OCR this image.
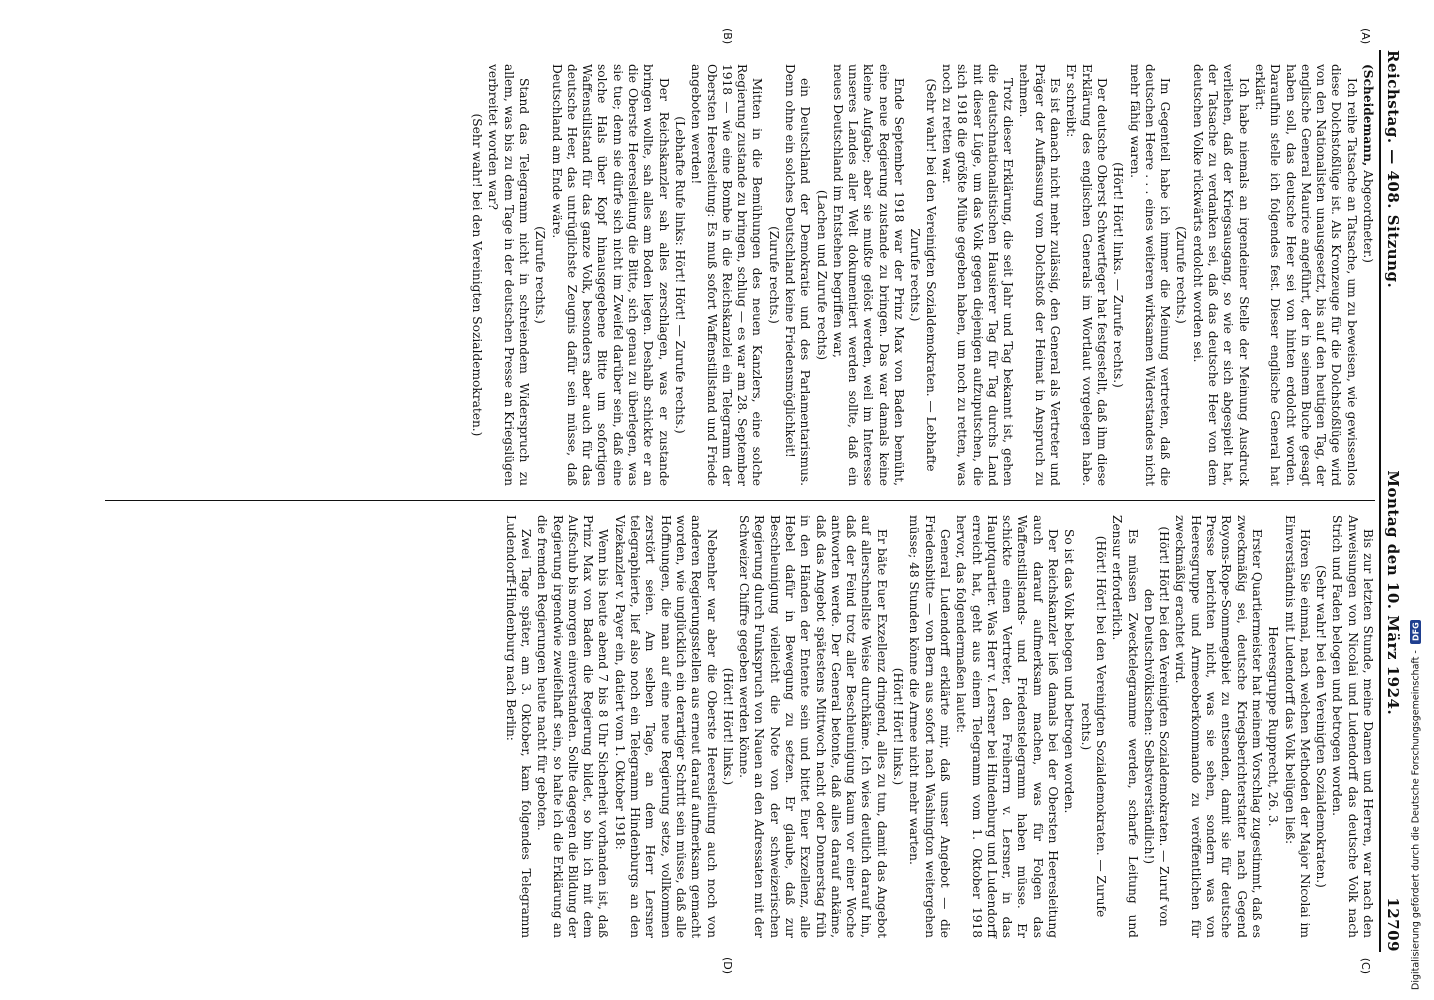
Reichstag. — 408. Sitzung.
Montag den 10. März 1924.
12709
(A)
(B)

(Scheidemann, Abgeordneter.)

Ich reihe Tatsache an Tatsache, um zu beweisen, wie gewissenlos diese Dolchstoßlüge ist. Als Kronzeuge für die Dolchstoßlüge wird von den Nationalisten unausgesetzt, bis auf den heutigen Tag, der englische General Maurice angeführt, der in seinem Buche gesagt haben soll, das deutsche Heer sei von hinten erdolcht worden. Daraufhin stelle ich folgendes fest. Dieser englische General hat erklärt:

Ich habe niemals an irgendeiner Stelle der Meinung Ausdruck verliehen, daß der Kriegsausgang, so wie er sich abgespielt hat, der Tatsache zu verdanken sei, daß das deutsche Heer von dem deutschen Volke rückwärts erdolcht worden sei.

(Zurufe rechts.)

Im Gegenteil habe ich immer die Meinung vertreten, daß die deutschen Heere . . . eines weiteren wirksamen Widerstandes nicht mehr fähig waren.

(Hört! Hört! links. — Zurufe rechts.)

Der deutsche Oberst Schwertfeger hat festgestellt, daß ihm diese Erklärung des englischen Generals im Wortlaut vorgelegen habe. Er schreibt:

Es ist danach nicht mehr zulässig, den General als Vertreter und Präger der Auffassung vom Dolchstoß der Heimat in Anspruch zu nehmen.

Trotz dieser Erklärung, die seit Jahr und Tag bekannt ist, gehen die deutschnationalistischen Hausierer Tag für Tag durchs Land mit dieser Lüge, um das Volk gegen diejenigen aufzuputschen, die sich 1918 die größte Mühe gegeben haben, um noch zu retten, was noch zu retten war.

(Sehr wahr! bei den Vereinigten Sozialdemokraten. — Lebhafte Zurufe rechts.)

Ende September 1918 war der Prinz Max von Baden bemüht, eine neue Regierung zustande zu bringen. Das war damals keine kleine Aufgabe; aber sie mußte gelöst werden, weil im Interesse unseres Landes aller Welt dokumentiert werden sollte, daß ein neues Deutschland im Entstehen begriffen war,

(Lachen und Zurufe rechts)

ein Deutschland der Demokratie und des Parlamentarismus. Denn ohne ein solches Deutschland keine Friedensmöglichkeit!

(Zurufe rechts.)

Mitten in die Bemühungen des neuen Kanzlers, eine solche Regierung zustande zu bringen, schlug — es war am 28. September 1918 — wie eine Bombe in die Reichskanzlei ein Telegramm der Obersten Heeresleitung: Es muß sofort Waffenstillstand und Friede angeboten werden!

(Lebhafte Rufe links: Hört! Hört! — Zurufe rechts.)

Der Reichskanzler sah alles zerschlagen, was er zustande bringen wollte, sah alles am Boden liegen. Deshalb schickte er an die Oberste Heeresleitung die Bitte, sich genau zu überlegen, was sie tue; denn sie dürfe sich nicht im Zweifel darüber sein, daß eine solche Hals über Kopf hinausgegebene Bitte um sofortigen Waffenstillstand für das ganze Volk, besonders aber auch für das deutsche Heer, das untrüglichste Zeugnis dafür sein müsse, daß Deutschland am Ende wäre.

(Zurufe rechts.)

Stand das Telegramm nicht in schreiendem Widerspruch zu allem, was bis zu dem Tage in der deutschen Presse an Kriegslügen verbreitet worden war?

(Sehr wahr! bei den Vereinigten Sozialdemokraten.)

(C)
(D)

Bis zur letzten Stunde, meine Damen und Herren, war nach den Anweisungen von Nicolai und Ludendorff das deutsche Volk nach Strich und Faden belogen und betrogen worden.

(Sehr wahr! bei den Vereinigten Sozialdemokraten.)

Hören Sie einmal, nach welchen Methoden der Major Nicolai im Einverständnis mit Ludendorff das Volk belügen ließ:

Heeresgruppe Rupprecht, 26. 3.

Erster Quartiermeister hat meinem Vorschlag zugestimmt, daß es zweckmäßig sei, deutsche Kriegsberichterstatter nach Gegend Royons-Rope-Sommegebiet zu entsenden, damit sie für deutsche Presse berichten nicht, was sie sehen, sondern was von Heeresgruppe und Armeeoberkommando zu veröffentlichen für zweckmäßig erachtet wird.

(Hört! Hört! bei den Vereinigten Sozialdemokraten. — Zuruf von den Deutschvölkischen: Selbstverständlich!)

Es müssen Zwecktelegramme werden, scharfe Leitung und Zensur erforderlich.

(Hört! Hört! bei den Vereinigten Sozialdemokraten. — Zurufe rechts.)

So ist das Volk belogen und betrogen worden.

Der Reichskanzler ließ damals bei der Obersten Heeresleitung auch darauf aufmerksam machen, was für Folgen das Waffenstillstands- und Friedenstelegramm haben müsse. Er schickte einen Vertreter, den Freiherrn v. Lersner, in das Hauptquartier. Was Herr v. Lersner bei Hindenburg und Ludendorff erreicht hat, geht aus einem Telegramm vom 1. Oktober 1918 hervor, das folgendermaßen lautet:

General Ludendorff erklärte mir, daß unser Angebot — die Friedensbitte — von Bern aus sofort nach Washington weitergehen müsse; 48 Stunden könne die Armee nicht mehr warten.

(Hört! Hört! links.)

Er bäte Euer Exzellenz dringend, alles zu tun, damit das Angebot auf allerschnellste Weise durchkäme. Ich wies deutlich darauf hin, daß der Feind trotz aller Beschleunigung kaum vor einer Woche antworten werde. Der General betonte, daß alles darauf ankäme, daß das Angebot spätestens Mittwoch nacht oder Donnerstag früh in den Händen der Entente sein und bittet Euer Exzellenz, alle Hebel dafür in Bewegung zu setzen. Er glaube, daß zur Beschleunigung vielleicht die Note von der schweizerischen Regierung durch Funkspruch von Nauen an den Adressaten mit der Schweizer Chiffre gegeben werden könne.

(Hört! Hört! links.)

Nebenher war aber die Oberste Heeresleitung auch noch von anderen Regierungsstellen aus erneut darauf aufmerksam gemacht worden, wie unglücklich ein derartiger Schritt sein müsse, daß alle Hoffnungen, die man auf eine neue Regierung setze, vollkommen zerstört seien. Am selben Tage, an dem Herr Lersner telegraphierte, lief also noch ein Telegramm Hindenburgs an den Vizekanzler v. Payer ein, datiert vom 1. Oktober 1918:

Wenn bis heute abend 7 bis 8 Uhr Sicherheit vorhanden ist, daß Prinz Max von Baden die Regierung bildet, so bin ich mit dem Aufschub bis morgen einverstanden. Sollte dagegen die Bildung der Regierung irgendwie zweifelhaft sein, so halte ich die Erklärung an die fremden Regierungen heute nacht für geboten.

Zwei Tage später, am 3. Oktober, kam folgendes Telegramm Ludendorff-Hindenburg nach Berlin:

Digitalisierung gefördert durch die Deutsche Forschungsgemeinschaft -
DFG
